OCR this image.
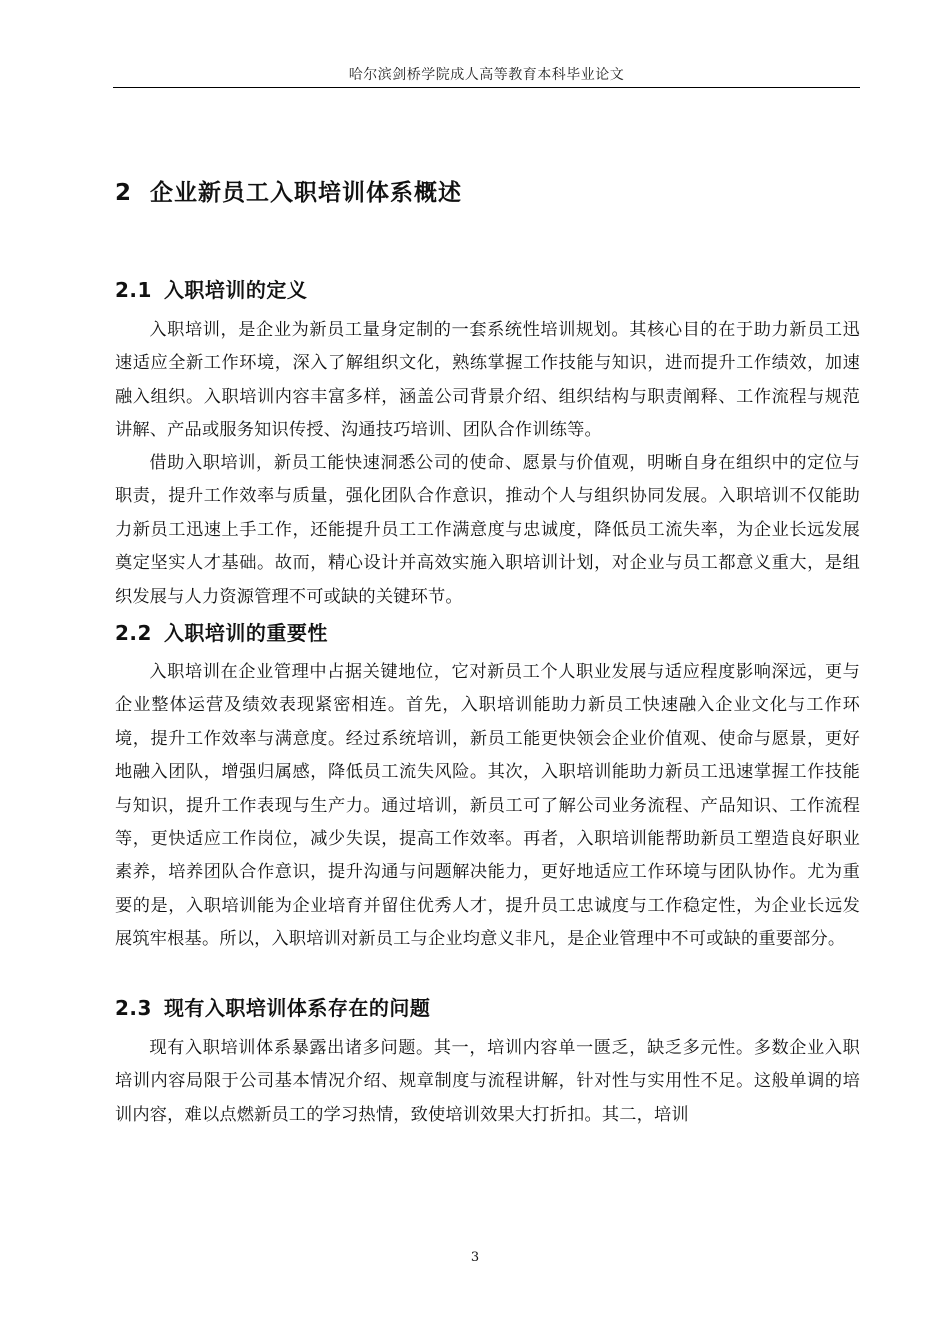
哈尔滨剑桥学院成人高等教育本科毕业论文
2 企业新员工入职培训体系概述
2.1 入职培训的定义

入职培训，是企业为新员工量身定制的一套系统性培训规划。其核心目的在于助力新员工迅速适应全新工作环境，深入了解组织文化，熟练掌握工作技能与知识，进而提升工作绩效，加速融入组织。入职培训内容丰富多样，涵盖公司背景介绍、组织结构与职责阐释、工作流程与规范讲解、产品或服务知识传授、沟通技巧培训、团队合作训练等。

借助入职培训，新员工能快速洞悉公司的使命、愿景与价值观，明晰自身在组织中的定位与职责，提升工作效率与质量，强化团队合作意识，推动个人与组织协同发展。入职培训不仅能助力新员工迅速上手工作，还能提升员工工作满意度与忠诚度，降低员工流失率，为企业长远发展奠定坚实人才基础。故而，精心设计并高效实施入职培训计划，对企业与员工都意义重大，是组织发展与人力资源管理不可或缺的关键环节。

2.2 入职培训的重要性

入职培训在企业管理中占据关键地位，它对新员工个人职业发展与适应程度影响深远，更与企业整体运营及绩效表现紧密相连。首先，入职培训能助力新员工快速融入企业文化与工作环境，提升工作效率与满意度。经过系统培训，新员工能更快领会企业价值观、使命与愿景，更好地融入团队，增强归属感，降低员工流失风险。其次，入职培训能助力新员工迅速掌握工作技能与知识，提升工作表现与生产力。通过培训，新员工可了解公司业务流程、产品知识、工作流程等，更快适应工作岗位，减少失误，提高工作效率。再者，入职培训能帮助新员工塑造良好职业素养，培养团队合作意识，提升沟通与问题解决能力，更好地适应工作环境与团队协作。尤为重要的是，入职培训能为企业培育并留住优秀人才，提升员工忠诚度与工作稳定性，为企业长远发展筑牢根基。所以，入职培训对新员工与企业均意义非凡，是企业管理中不可或缺的重要部分。

2.3 现有入职培训体系存在的问题

现有入职培训体系暴露出诸多问题。其一，培训内容单一匮乏，缺乏多元性。多数企业入职培训内容局限于公司基本情况介绍、规章制度与流程讲解，针对性与实用性不足。这般单调的培训内容，难以点燃新员工的学习热情，致使培训效果大打折扣。其二，培训

3
